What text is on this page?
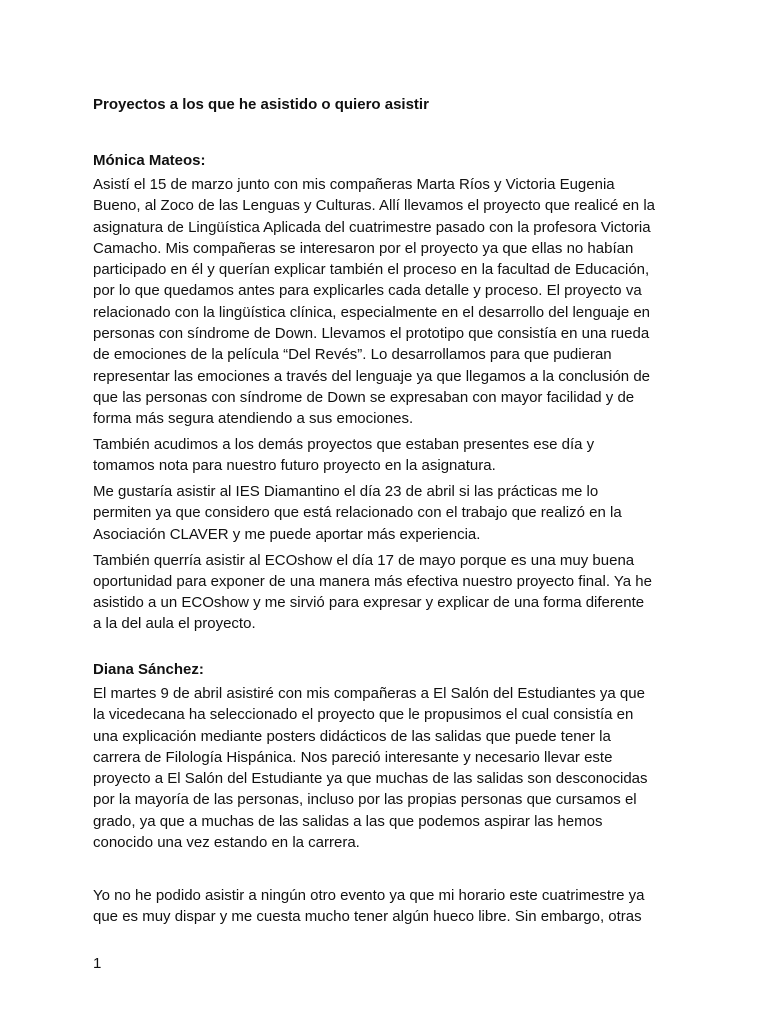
Proyectos a los que he asistido o quiero asistir
Mónica Mateos:

Asistí el 15 de marzo junto con mis compañeras Marta Ríos y Victoria Eugenia
Bueno, al Zoco de las Lenguas y Culturas. Allí llevamos el proyecto que realicé en la
asignatura de Lingüística Aplicada del cuatrimestre pasado con la profesora Victoria
Camacho. Mis compañeras se interesaron por el proyecto ya que ellas no habían
participado en él y querían explicar también el proceso en la facultad de Educación,
por lo que quedamos antes para explicarles cada detalle y proceso. El proyecto va
relacionado con la lingüística clínica, especialmente en el desarrollo del lenguaje en
personas con síndrome de Down. Llevamos el prototipo que consistía en una rueda
de emociones de la película “Del Revés”. Lo desarrollamos para que pudieran
representar las emociones a través del lenguaje ya que llegamos a la conclusión de
que las personas con síndrome de Down se expresaban con mayor facilidad y de
forma más segura atendiendo a sus emociones.

También acudimos a los demás proyectos que estaban presentes ese día y
tomamos nota para nuestro futuro proyecto en la asignatura.

Me gustaría asistir al IES Diamantino el día 23 de abril si las prácticas me lo
permiten ya que considero que está relacionado con el trabajo que realizó en la
Asociación CLAVER y me puede aportar más experiencia.

También querría asistir al ECOshow el día 17 de mayo porque es una muy buena
oportunidad para exponer de una manera más efectiva nuestro proyecto final. Ya he
asistido a un ECOshow y me sirvió para expresar y explicar de una forma diferente
a la del aula el proyecto.

Diana Sánchez:

El martes 9 de abril asistiré con mis compañeras a El Salón del Estudiantes ya que
la vicedecana ha seleccionado el proyecto que le propusimos el cual consistía en
una explicación mediante posters didácticos de las salidas que puede tener la
carrera de Filología Hispánica. Nos pareció interesante y necesario llevar este
proyecto a El Salón del Estudiante ya que muchas de las salidas son desconocidas
por la mayoría de las personas, incluso por las propias personas que cursamos el
grado, ya que a muchas de las salidas a las que podemos aspirar las hemos
conocido una vez estando en la carrera.

Yo no he podido asistir a ningún otro evento ya que mi horario este cuatrimestre ya
que es muy dispar y me cuesta mucho tener algún hueco libre. Sin embargo, otras

1
